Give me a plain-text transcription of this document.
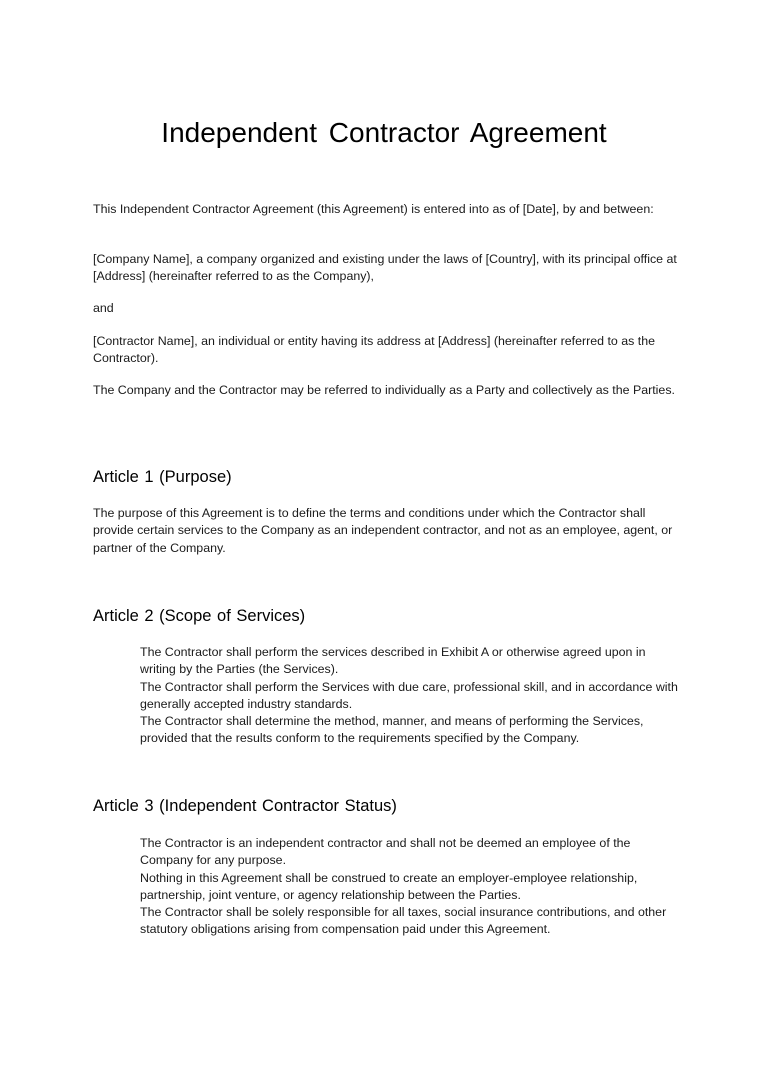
Independent Contractor Agreement
This Independent Contractor Agreement (this Agreement) is entered into as of [Date], by and between:
[Company Name], a company organized and existing under the laws of [Country], with its principal office at [Address] (hereinafter referred to as the Company),
and
[Contractor Name], an individual or entity having its address at [Address] (hereinafter referred to as the Contractor).
The Company and the Contractor may be referred to individually as a Party and collectively as the Parties.
Article 1 (Purpose)
The purpose of this Agreement is to define the terms and conditions under which the Contractor shall provide certain services to the Company as an independent contractor, and not as an employee, agent, or partner of the Company.
Article 2 (Scope of Services)
The Contractor shall perform the services described in Exhibit A or otherwise agreed upon in writing by the Parties (the Services).
The Contractor shall perform the Services with due care, professional skill, and in accordance with generally accepted industry standards.
The Contractor shall determine the method, manner, and means of performing the Services, provided that the results conform to the requirements specified by the Company.
Article 3 (Independent Contractor Status)
The Contractor is an independent contractor and shall not be deemed an employee of the Company for any purpose.
Nothing in this Agreement shall be construed to create an employer-employee relationship, partnership, joint venture, or agency relationship between the Parties.
The Contractor shall be solely responsible for all taxes, social insurance contributions, and other statutory obligations arising from compensation paid under this Agreement.
